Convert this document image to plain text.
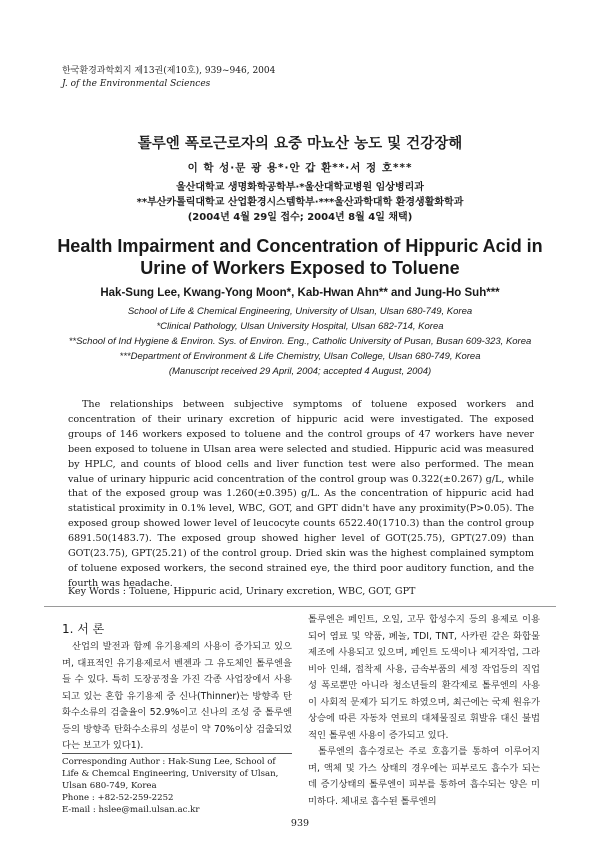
한국환경과학회지 제13권(제10호), 939~946, 2004
J. of the Environmental Sciences
톨루엔 폭로근로자의 요중 마뇨산 농도 및 건강장해
이 학 성·문 광 용*·안 갑 환**·서 정 호***
울산대학교 생명화학공학부·*울산대학교병원 임상병리과
**부산카톨릭대학교 산업환경시스템학부·***울산과학대학 환경생활화학과
(2004년 4월 29일 접수; 2004년 8월 4일 채택)
Health Impairment and Concentration of Hippuric Acid in
Urine of Workers Exposed to Toluene
Hak-Sung Lee, Kwang-Yong Moon*, Kab-Hwan Ahn** and Jung-Ho Suh***
School of Life & Chemical Engineering, University of Ulsan, Ulsan 680-749, Korea
*Clinical Pathology, Ulsan University Hospital, Ulsan 682-714, Korea
**School of Ind Hygiene & Environ. Sys. of Environ. Eng., Catholic University of Pusan, Busan 609-323, Korea
***Department of Environment & Life Chemistry, Ulsan College, Ulsan 680-749, Korea
(Manuscript received 29 April, 2004; accepted 4 August, 2004)

The relationships between subjective symptoms of toluene exposed workers and concentration of their urinary excretion of hippuric acid were investigated. The exposed groups of 146 workers exposed to toluene and the control groups of 47 workers have never been exposed to toluene in Ulsan area were selected and studied. Hippuric acid was measured by HPLC, and counts of blood cells and liver function test were also performed. The mean value of urinary hippuric acid concentration of the control group was 0.322(±0.267) g/L, while that of the exposed group was 1.260(±0.395) g/L. As the concentration of hippuric acid had statistical proximity in 0.1% level, WBC, GOT, and GPT didn't have any proximity(P>0.05). The exposed group showed lower level of leucocyte counts 6522.40(1710.3) than the control group 6891.50(1483.7). The exposed group showed higher level of GOT(25.75), GPT(27.09) than GOT(23.75), GPT(25.21) of the control group. Dried skin was the highest complained symptom of toluene exposed workers, the second strained eye, the third poor auditory function, and the fourth was headache.

Key Words : Toluene, Hippuric acid, Urinary excretion, WBC, GOT, GPT
1. 서 론

산업의 발전과 함께 유기용제의 사용이 증가되고 있으며, 대표적인 유기용제로서 벤젠과 그 유도체인 톨루엔을 들 수 있다. 특히 도장공정을 가진 각종 사업장에서 사용되고 있는 혼합 유기용제 중 신나(Thinner)는 방향족 탄화수소류의 검출율이 52.9%이고 신나의 조성 중 톨루엔 등의 방향족 탄화수소류의 성분이 약 70%이상 검출되었다는 보고가 있다1).

Corresponding Author : Hak-Sung Lee, School of Life & Chemcal Engineering, University of Ulsan, Ulsan 680-749, Korea
Phone : +82-52-259-2252
E-mail : hslee@mail.ulsan.ac.kr

톨루엔은 페인트, 오일, 고무 합성수지 등의 용제로 이용되어 염료 및 약품, 폐놀, TDI, TNT, 사카린 같은 화합물 제조에 사용되고 있으며, 페인트 도색이나 제거작업, 그라비아 인쇄, 접착제 사용, 금속부품의 세정 작업등의 직업성 폭로뿐만 아니라 청소년들의 환각제로 톨루엔의 사용이 사회적 문제가 되기도 하였으며, 최근에는 국제 원유가 상승에 따른 자동차 연료의 대체물질로 휘발유 대신 불법적인 톨루엔 사용이 증가되고 있다.

톨루엔의 흡수경로는 주로 호흡기를 통하여 이루어지며, 액체 및 가스 상태의 경우에는 피부로도 흡수가 되는데 증기상태의 톨루엔이 피부를 통하여 흡수되는 양은 미미하다. 체내로 흡수된 톨루엔의

939
